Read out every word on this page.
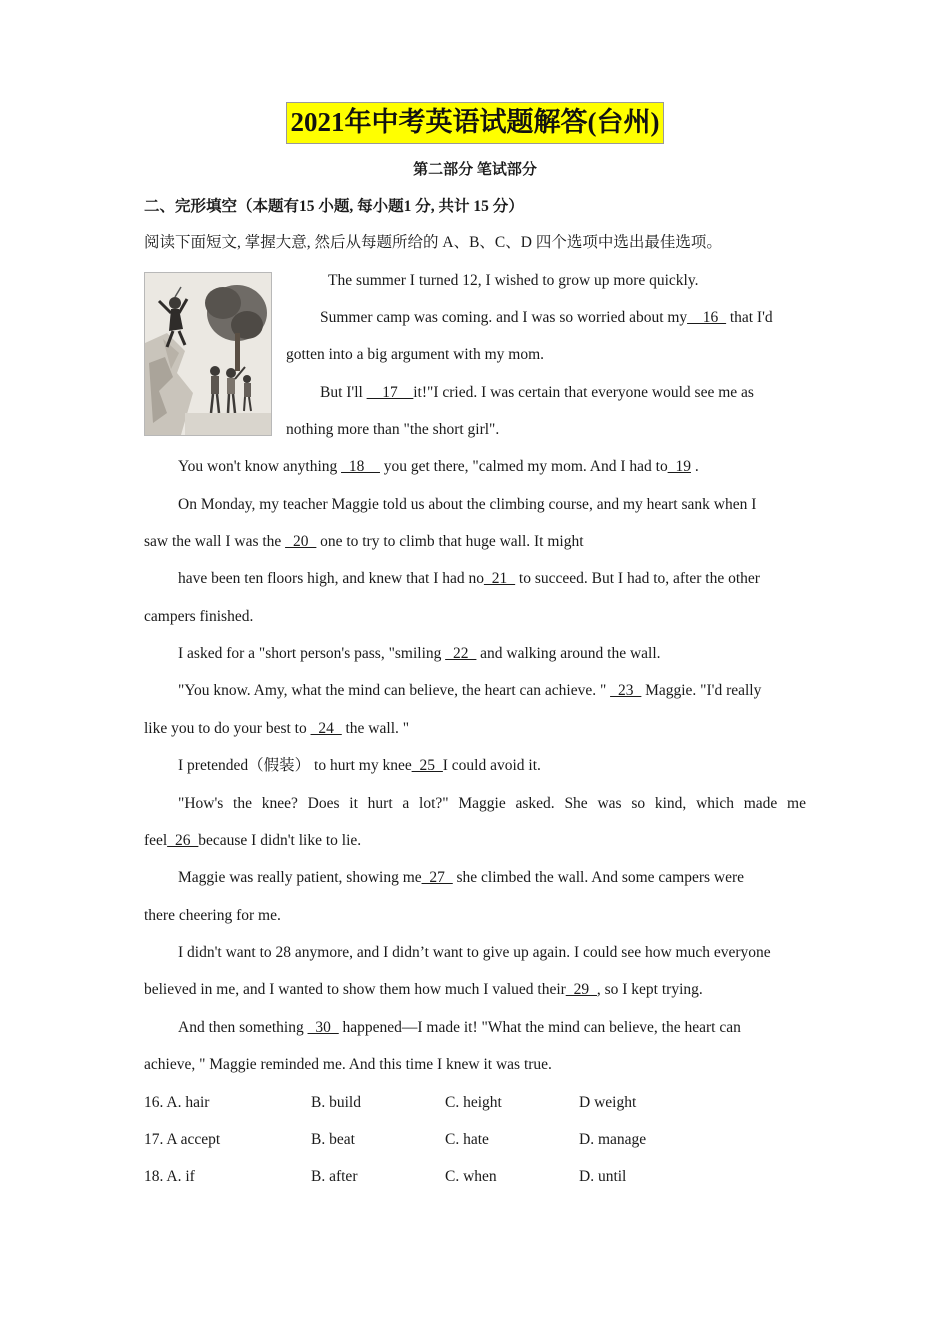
2021年中考英语试题解答(台州)
第二部分 笔试部分
二、完形填空（本题有15 小题, 每小题1 分, 共计 15 分）
阅读下面短文, 掌握大意, 然后从每题所给的 A、B、C、D 四个选项中选出最佳选项。
The summer I turned 12, I wished to grow up more quickly.
Summer camp was coming. and I was so worried about my__16_ that I'd
gotten into a big argument with my mom.
But I'll __17__it!"I cried. I was certain that everyone would see me as
nothing more than "the short girl".
You won't know anything _18__ you get there, "calmed my mom. And I had to_19 .
On Monday, my teacher Maggie told us about the climbing course, and my heart sank when I
saw the wall I was the _20_ one to try to climb that huge wall. It might
have been ten floors high, and knew that I had no_21_ to succeed. But I had to, after the other
campers finished.
I asked for a "short person's pass, "smiling _22_ and walking around the wall.
"You know. Amy, what the mind can believe, the heart can achieve. " _23_ Maggie. "I'd really
like you to do your best to _24_ the wall. "
I pretended（假装） to hurt my knee_25_I could avoid it.
"How's the knee? Does it hurt a lot?" Maggie asked. She was so kind, which made me
feel_26_because I didn't like to lie.
Maggie was really patient, showing me_27_ she climbed the wall. And some campers were
there cheering for me.
I didn't want to 28 anymore, and I didn’t want to give up again. I could see how much everyone
believed in me, and I wanted to show them how much I valued their_29_, so I kept trying.
And then something _30_ happened—I made it! "What the mind can believe, the heart can
achieve, " Maggie reminded me. And this time I knew it was true.
16. A. hair	B. build	C. height	D weight
17. A accept	B. beat	C. hate	D. manage
18. A. if	B. after	C. when	D. until
